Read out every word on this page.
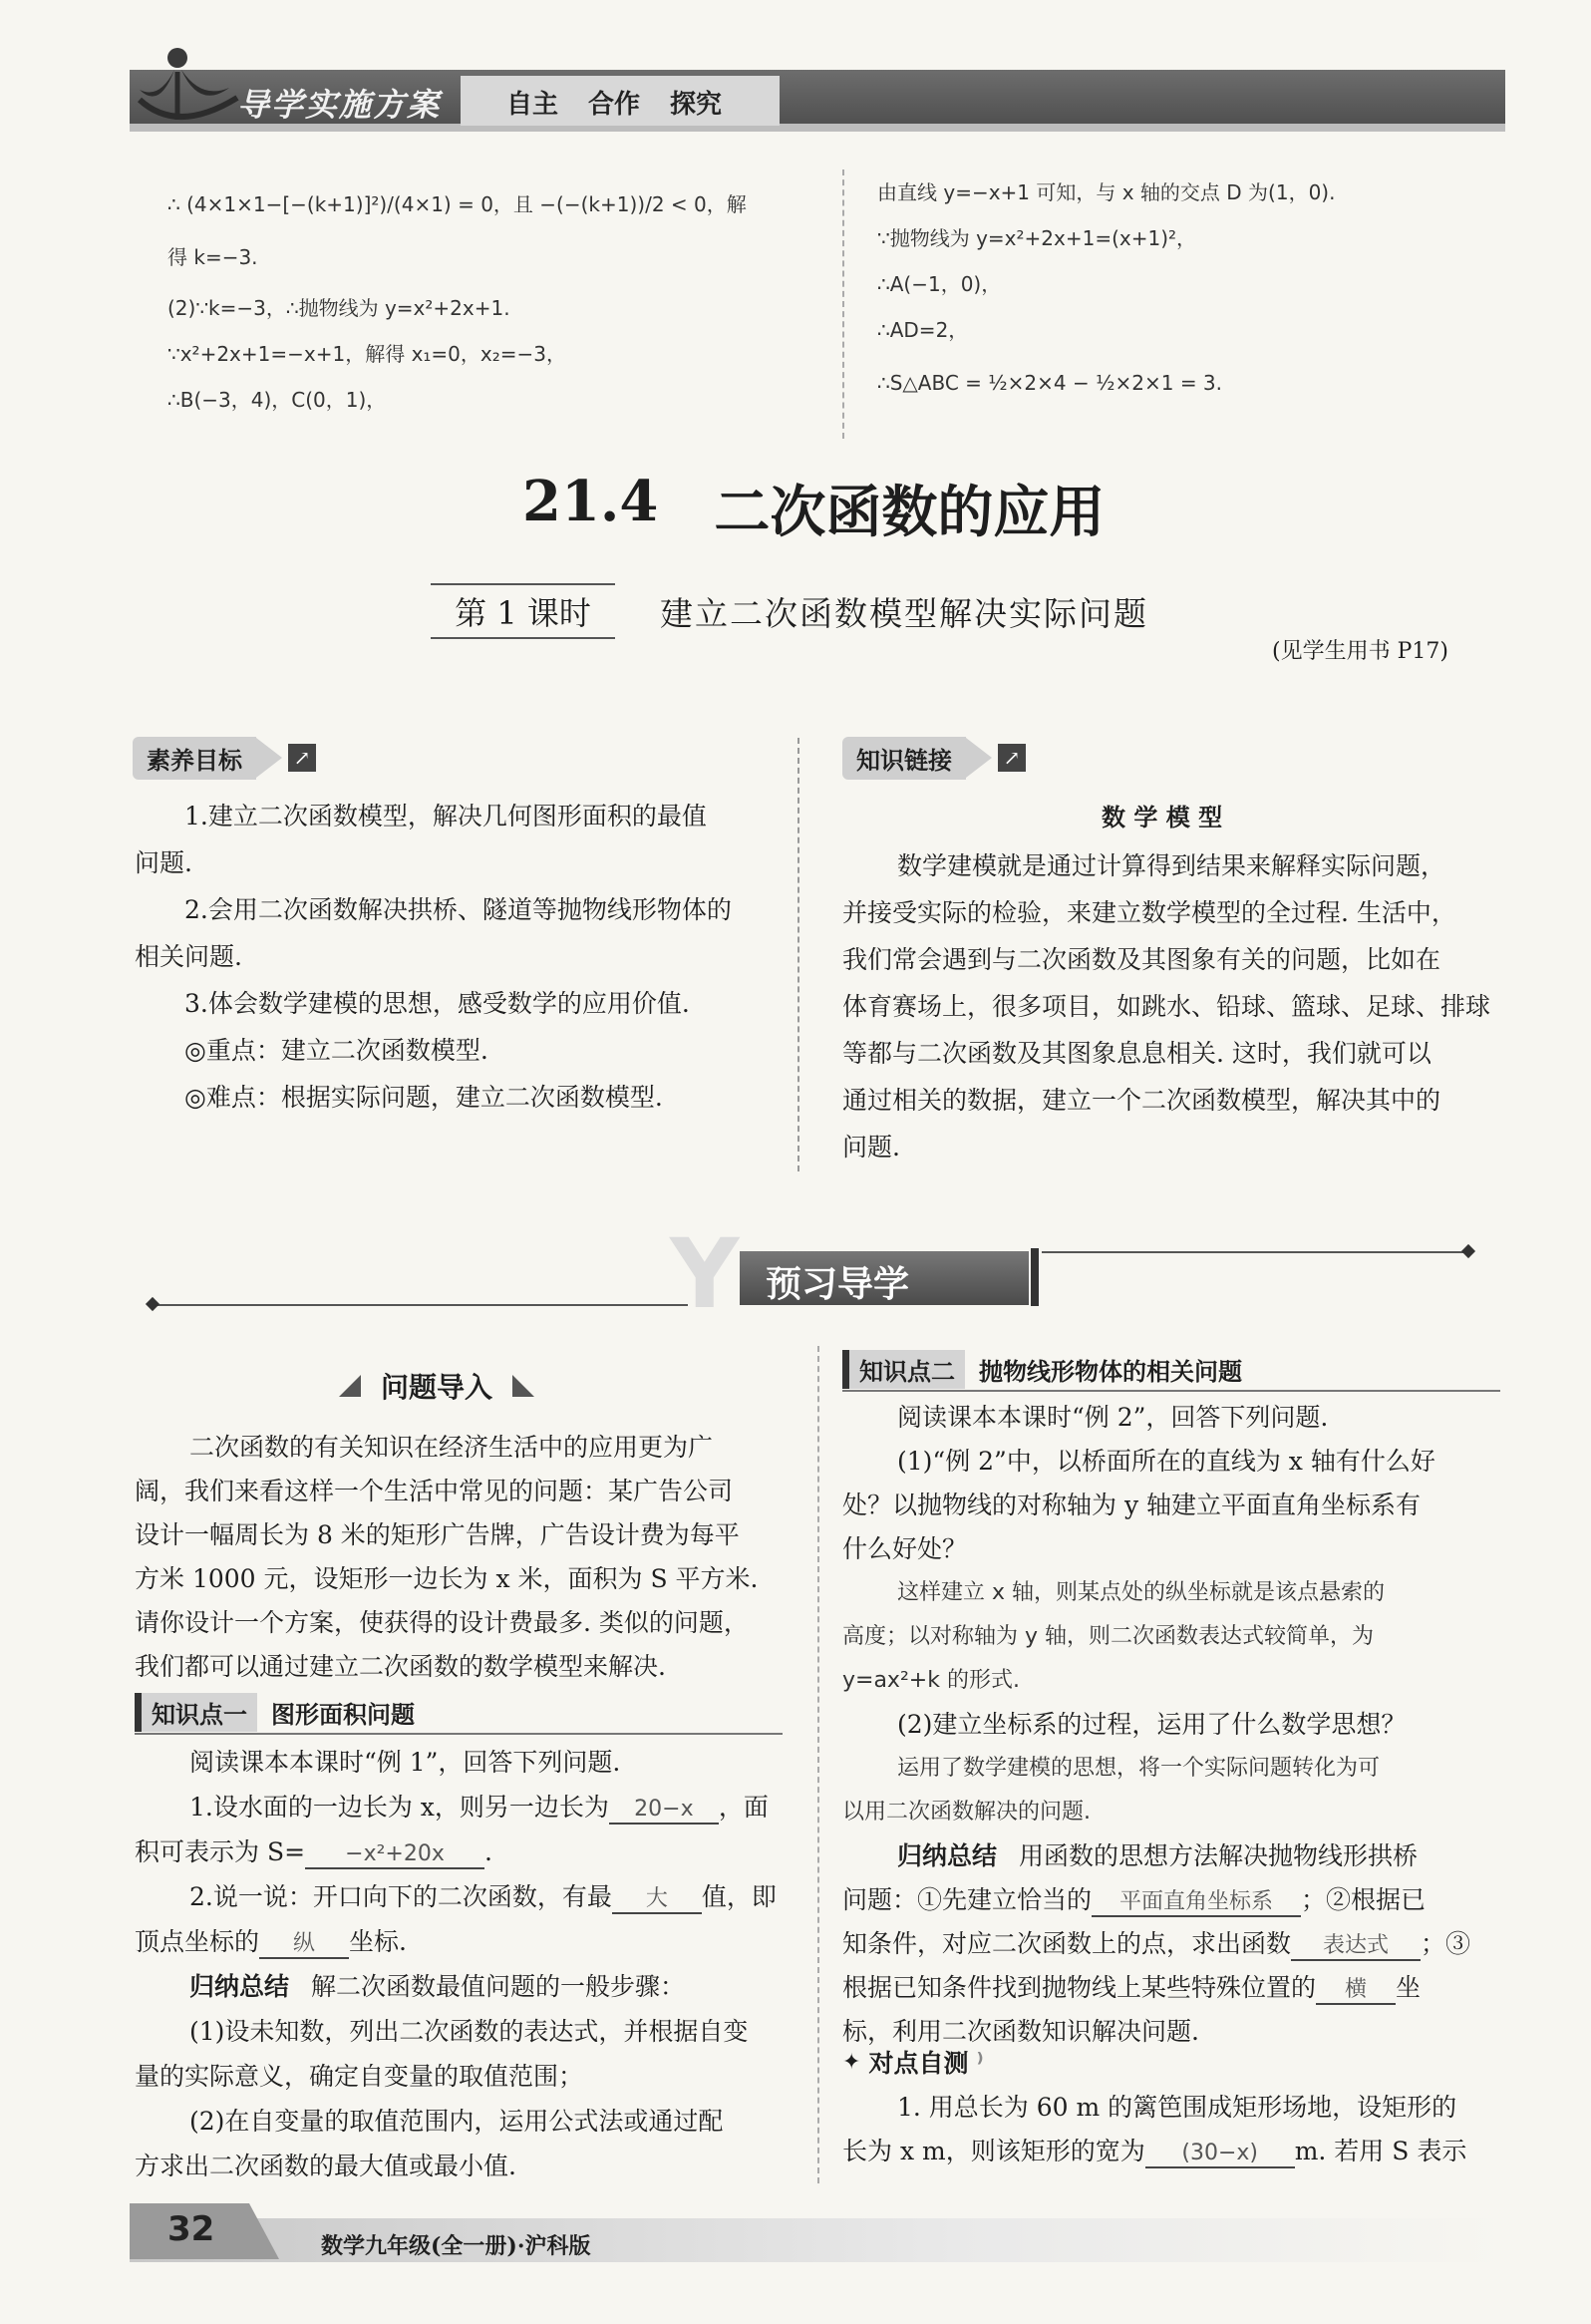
导学实施方案	自主 合作 探究
∴ (4×1×1−[−(k+1)]²)/(4×1) = 0，且 −(−(k+1))/2 < 0，解
得 k=−3.
(2)∵k=−3，∴抛物线为 y=x²+2x+1.
∵x²+2x+1=−x+1，解得 x₁=0，x₂=−3，
∴B(−3，4)，C(0，1)，
由直线 y=−x+1 可知，与 x 轴的交点 D 为(1，0).
∵抛物线为 y=x²+2x+1=(x+1)²，
∴A(−1，0)，
∴AD=2，
∴S△ABC = ½×2×4 − ½×2×1 = 3.
21.4 二次函数的应用
第 1 课时 建立二次函数模型解决实际问题
(见学生用书 P17)
素养目标	↗
1.建立二次函数模型，解决几何图形面积的最值
问题.
2.会用二次函数解决拱桥、隧道等抛物线形物体的
相关问题.
3.体会数学建模的思想，感受数学的应用价值.
◎重点：建立二次函数模型.
◎难点：根据实际问题，建立二次函数模型.
知识链接	↗
数 学 模 型
数学建模就是通过计算得到结果来解释实际问题，
并接受实际的检验，来建立数学模型的全过程. 生活中，
我们常会遇到与二次函数及其图象有关的问题，比如在
体育赛场上，很多项目，如跳水、铅球、篮球、足球、排球
等都与二次函数及其图象息息相关. 这时，我们就可以
通过相关的数据，建立一个二次函数模型，解决其中的
问题.
Y 预习导学
问题导入
二次函数的有关知识在经济生活中的应用更为广
阔，我们来看这样一个生活中常见的问题：某广告公司
设计一幅周长为 8 米的矩形广告牌，广告设计费为每平
方米 1000 元，设矩形一边长为 x 米，面积为 S 平方米.
请你设计一个方案，使获得的设计费最多. 类似的问题，
我们都可以通过建立二次函数的数学模型来解决.
知识点一	图形面积问题
阅读课本本课时“例 1”，回答下列问题.
1.设水面的一边长为 x，则另一边长为 20−x ，面
积可表示为 S= −x²+20x .
2.说一说：开口向下的二次函数，有最 大 值，即
顶点坐标的 纵 坐标.
归纳总结 解二次函数最值问题的一般步骤：
(1)设未知数，列出二次函数的表达式，并根据自变
量的实际意义，确定自变量的取值范围；
(2)在自变量的取值范围内，运用公式法或通过配
方求出二次函数的最大值或最小值.
知识点二	抛物线形物体的相关问题
阅读课本本课时“例 2”，回答下列问题.
(1)“例 2”中，以桥面所在的直线为 x 轴有什么好
处？以抛物线的对称轴为 y 轴建立平面直角坐标系有
什么好处？
这样建立 x 轴，则某点处的纵坐标就是该点悬索的
高度；以对称轴为 y 轴，则二次函数表达式较简单，为
y=ax²+k 的形式.
(2)建立坐标系的过程，运用了什么数学思想？
运用了数学建模的思想，将一个实际问题转化为可
以用二次函数解决的问题.
归纳总结 用函数的思想方法解决抛物线形拱桥
问题：①先建立恰当的 平面直角坐标系 ；②根据已
知条件，对应二次函数上的点，求出函数 表达式 ；③
根据已知条件找到抛物线上某些特殊位置的 横 坐
标，利用二次函数知识解决问题.
✦ 对点自测 ⁾
1. 用总长为 60 m 的篱笆围成矩形场地，设矩形的
长为 x m，则该矩形的宽为 (30−x) m. 若用 S 表示
32	数学九年级(全一册)·沪科版
